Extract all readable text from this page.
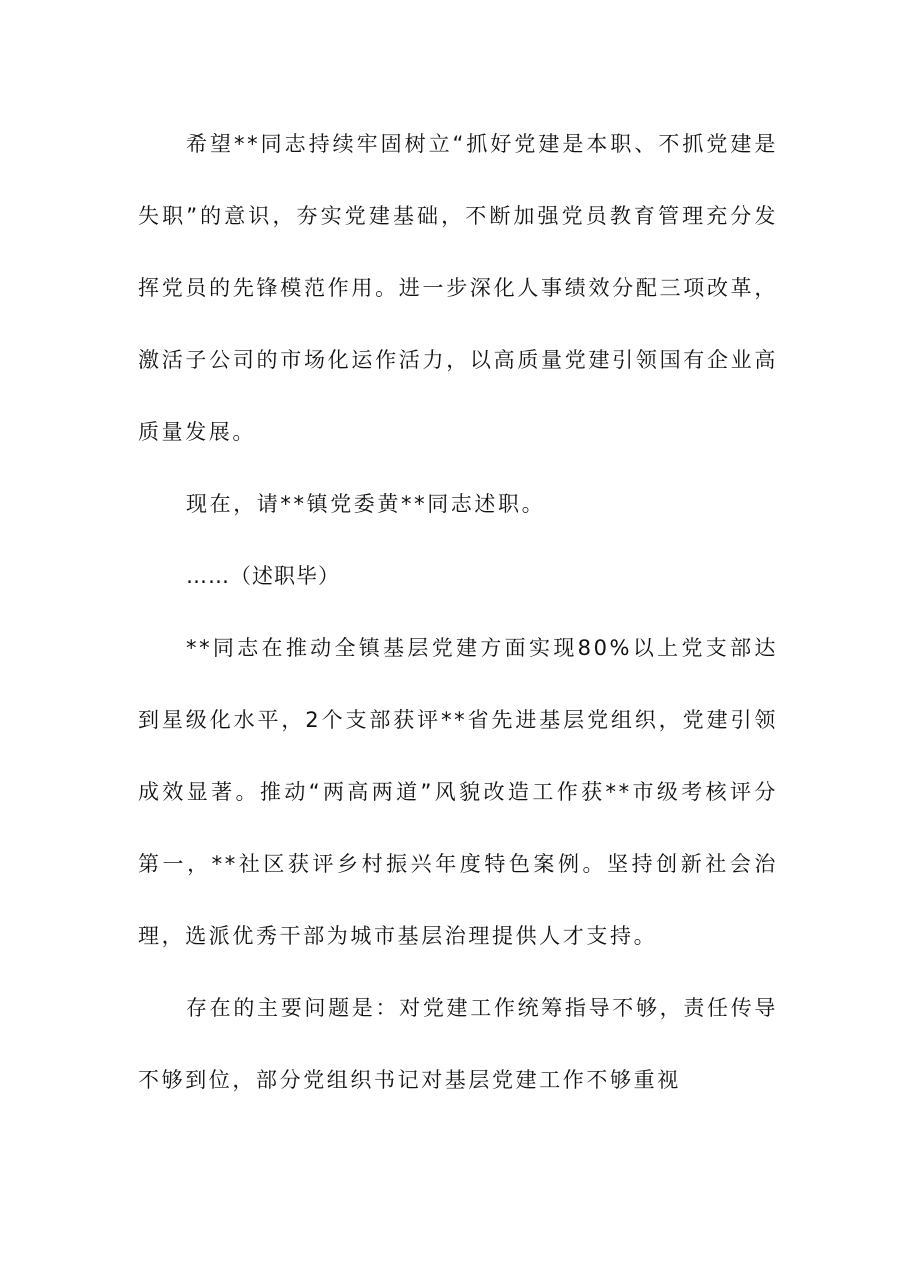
希望**同志持续牢固树立“抓好党建是本职、不抓党建是失职”的意识，夯实党建基础，不断加强党员教育管理充分发挥党员的先锋模范作用。进一步深化人事绩效分配三项改革，激活子公司的市场化运作活力，以高质量党建引领国有企业高质量发展。

现在，请**镇党委黄**同志述职。

……（述职毕）

**同志在推动全镇基层党建方面实现80%以上党支部达到星级化水平，2个支部获评**省先进基层党组织，党建引领成效显著。推动“两高两道”风貌改造工作获**市级考核评分第一，**社区获评乡村振兴年度特色案例。坚持创新社会治理，选派优秀干部为城市基层治理提供人才支持。

存在的主要问题是：对党建工作统筹指导不够，责任传导不够到位，部分党组织书记对基层党建工作不够重视
